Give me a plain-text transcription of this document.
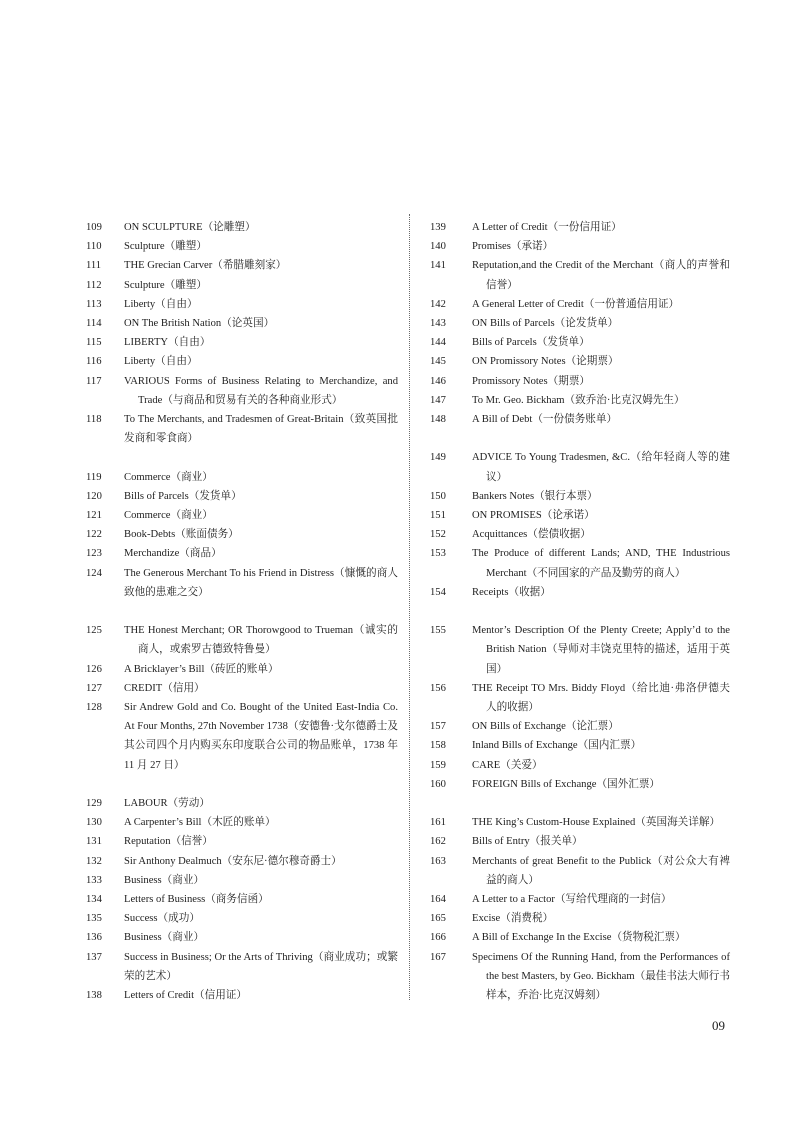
109 ON SCULPTURE（论雕塑）
110 Sculpture（雕塑）
111 THE Grecian Carver（希腊雕刻家）
112 Sculpture（雕塑）
113 Liberty（自由）
114 ON The British Nation（论英国）
115 LIBERTY（自由）
116 Liberty（自由）
117 VARIOUS Forms of Business Relating to Merchandize, and Trade（与商品和贸易有关的各种商业形式）
118 To The Merchants, and Tradesmen of Great-Britain（致英国批发商和零食商）
119 Commerce（商业）
120 Bills of Parcels（发货单）
121 Commerce（商业）
122 Book-Debts（账面债务）
123 Merchandize（商品）
124 The Generous Merchant To his Friend in Distress（慷慨的商人致他的患难之交）
125 THE Honest Merchant; OR Thorowgood to Trueman（诚实的商人，或索罗古德致特鲁曼）
126 A Bricklayer’s Bill（砖匠的账单）
127 CREDIT（信用）
128 Sir Andrew Gold and Co. Bought of the United East-India Co. At Four Months, 27th November 1738（安德鲁·戈尔德爵士及其公司四个月内购买东印度联合公司的物品账单，1738 年 11 月 27 日）
129 LABOUR（劳动）
130 A Carpenter’s Bill（木匠的账单）
131 Reputation（信誉）
132 Sir Anthony Dealmuch（安东尼·德尔穆奇爵士）
133 Business（商业）
134 Letters of Business（商务信函）
135 Success（成功）
136 Business（商业）
137 Success in Business; Or the Arts of Thriving（商业成功；或繁荣的艺术）
138 Letters of Credit（信用证）
139 A Letter of Credit（一份信用证）
140 Promises（承诺）
141 Reputation,and the Credit of the Merchant（商人的声誉和信誉）
142 A General Letter of Credit（一份普通信用证）
143 ON Bills of Parcels（论发货单）
144 Bills of Parcels（发货单）
145 ON Promissory Notes（论期票）
146 Promissory Notes（期票）
147 To Mr. Geo. Bickham（致乔治·比克汉姆先生）
148 A Bill of Debt（一份债务账单）
149 ADVICE To Young Tradesmen, &C.（给年轻商人等的建议）
150 Bankers Notes（银行本票）
151 ON PROMISES（论承诺）
152 Acquittances（偿债收据）
153 The Produce of different Lands; AND, THE Industrious Merchant（不同国家的产品及勤劳的商人）
154 Receipts（收据）
155 Mentor’s Description Of the Plenty Creete; Apply’d to the British Nation（导师对丰饶克里特的描述，适用于英国）
156 THE Receipt TO Mrs. Biddy Floyd（给比迪·弗洛伊德夫人的收据）
157 ON Bills of Exchange（论汇票）
158 Inland Bills of Exchange（国内汇票）
159 CARE（关爱）
160 FOREIGN Bills of Exchange（国外汇票）
161 THE King’s Custom-House Explained（英国海关详解）
162 Bills of Entry（报关单）
163 Merchants of great Benefit to the Publick（对公众大有裨益的商人）
164 A Letter to a Factor（写给代理商的一封信）
165 Excise（消费税）
166 A Bill of Exchange In the Excise（货物税汇票）
167 Specimens Of the Running Hand, from the Performances of the best Masters, by Geo. Bickham（最佳书法大师行书样本，乔治·比克汉姆刻）
09
